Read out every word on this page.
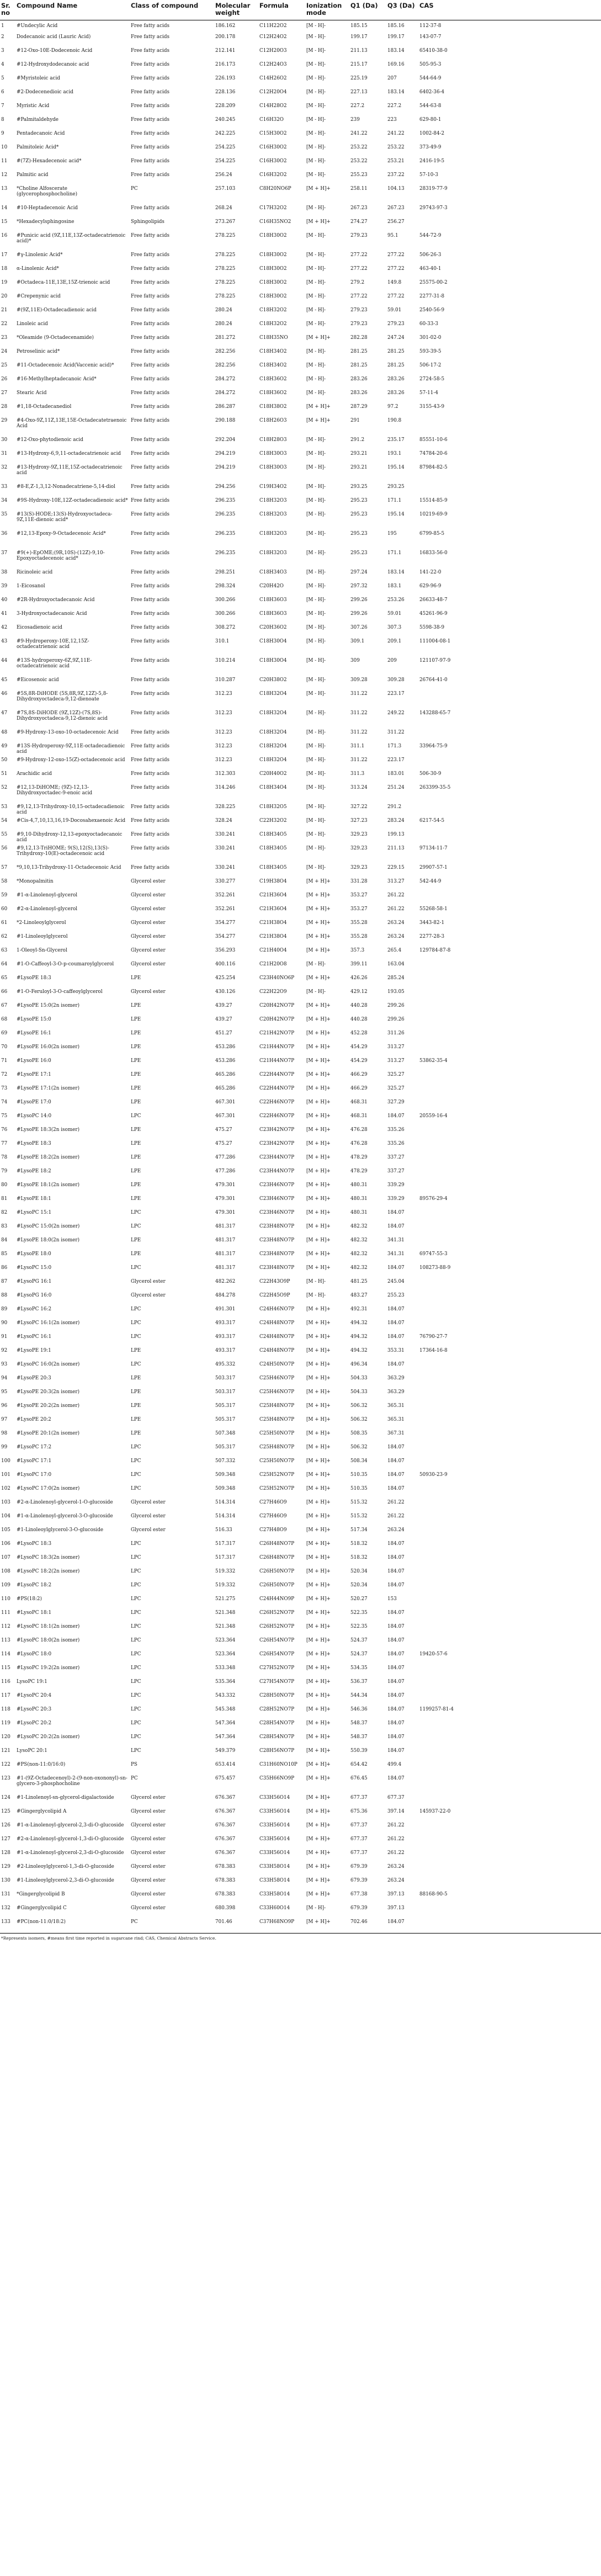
Sr. no	Compound Name	Class of compound	Molecular weight	Formula	Ionization mode	Q1 (Da)	Q3 (Da)	CAS
1	#Undecylic Acid	Free fatty acids	186.162	C11H22O2	[M - H]-	185.15	185.16	112-37-8
2	Dodecanoic acid (Lauric Acid)	Free fatty acids	200.178	C12H24O2	[M - H]-	199.17	199.17	143-07-7
3	#12-Oxo-10E-Dodecenoic Acid	Free fatty acids	212.141	C12H20O3	[M - H]-	211.13	183.14	65410-38-0
4	#12-Hydroxydodecanoic acid	Free fatty acids	216.173	C12H24O3	[M - H]-	215.17	169.16	505-95-3
5	#Myristoleic acid	Free fatty acids	226.193	C14H26O2	[M - H]-	225.19	207	544-64-9
6	#2-Dodecenedioic acid	Free fatty acids	228.136	C12H20O4	[M - H]-	227.13	183.14	6402-36-4
7	Myristic Acid	Free fatty acids	228.209	C14H28O2	[M - H]-	227.2	227.2	544-63-8
8	#Palmitaldehyde	Free fatty acids	240.245	C16H32O	[M - H]-	239	223	629-80-1
9	Pentadecanoic Acid	Free fatty acids	242.225	C15H30O2	[M - H]-	241.22	241.22	1002-84-2
10	Palmitoleic Acid*	Free fatty acids	254.225	C16H30O2	[M - H]-	253.22	253.22	373-49-9
11	#(7Z)-Hexadecenoic acid*	Free fatty acids	254.225	C16H30O2	[M - H]-	253.22	253.21	2416-19-5
12	Palmitic acid	Free fatty acids	256.24	C16H32O2	[M - H]-	255.23	237.22	57-10-3
13	*Choline Alfoscerate (glycerophosphocholine)	PC	257.103	C8H20NO6P	[M + H]+	258.11	104.13	28319-77-9
14	#10-Heptadecenoic Acid	Free fatty acids	268.24	C17H32O2	[M - H]-	267.23	267.23	29743-97-3
15	*Hexadecylsphingosine	Sphingolipids	273.267	C16H35NO2	[M + H]+	274.27	256.27	
16	#Punicic acid (9Z,11E,13Z-octadecatrienoic acid)*	Free fatty acids	278.225	C18H30O2	[M - H]-	279.23	95.1	544-72-9
17	#γ-Linolenic Acid*	Free fatty acids	278.225	C18H30O2	[M - H]-	277.22	277.22	506-26-3
18	α-Linolenic Acid*	Free fatty acids	278.225	C18H30O2	[M - H]-	277.22	277.22	463-40-1
19	#Octadeca-11E,13E,15Z-trienoic acid	Free fatty acids	278.225	C18H30O2	[M - H]-	279.2	149.8	25575-00-2
20	#Crepenynic acid	Free fatty acids	278.225	C18H30O2	[M - H]-	277.22	277.22	2277-31-8
21	#(9Z,11E)-Octadecadienoic acid	Free fatty acids	280.24	C18H32O2	[M - H]-	279.23	59.01	2540-56-9
22	Linoleic acid	Free fatty acids	280.24	C18H32O2	[M - H]-	279.23	279.23	60-33-3
23	*Oleamide (9-Octadecenamide)	Free fatty acids	281.272	C18H35NO	[M + H]+	282.28	247.24	301-02-0
24	Petroselinic acid*	Free fatty acids	282.256	C18H34O2	[M - H]-	281.25	281.25	593-39-5
25	#11-Octadecenoic Acid(Vaccenic acid)*	Free fatty acids	282.256	C18H34O2	[M - H]-	281.25	281.25	506-17-2
26	#16-Methylheptadecanoic Acid*	Free fatty acids	284.272	C18H36O2	[M - H]-	283.26	283.26	2724-58-5
27	Stearic Acid	Free fatty acids	284.272	C18H36O2	[M - H]-	283.26	283.26	57-11-4
28	#1,18-Octadecanediol	Free fatty acids	286.287	C18H38O2	[M + H]+	287.29	97.2	3155-43-9
29	#4-Oxo-9Z,11Z,13E,15E-Octadecatetraenoic Acid	Free fatty acids	290.188	C18H26O3	[M + H]+	291	190.8	
30	#12-Oxo-phytodienoic acid	Free fatty acids	292.204	C18H28O3	[M - H]-	291.2	235.17	85551-10-6
31	#13-Hydroxy-6,9,11-octadecatrienoic acid	Free fatty acids	294.219	C18H30O3	[M - H]-	293.21	193.1	74784-20-6
32	#13-Hydroxy-9Z,11E,15Z-octadecatrienoic acid	Free fatty acids	294.219	C18H30O3	[M - H]-	293.21	195.14	87984-82-5
33	#8-E,Z-1,3,12-Nonadecatriene-5,14-diol	Free fatty acids	294.256	C19H34O2	[M - H]-	293.25	293.25	
34	#9S-Hydroxy-10E,12Z-octadecadienoic acid*	Free fatty acids	296.235	C18H32O3	[M - H]-	295.23	171.1	15514-85-9
35	#13(S)-HODE;13(S)-Hydroxyoctadeca-9Z,11E-dienoic acid*	Free fatty acids	296.235	C18H32O3	[M - H]-	295.23	195.14	10219-69-9
36	#12,13-Epoxy-9-Octadecenoic Acid*	Free fatty acids	296.235	C18H32O3	[M - H]-	295.23	195	6799-85-5
37	#9(+)-EpOME;(9R,10S)-(12Z)-9,10-Epoxyoctadecenoic acid*	Free fatty acids	296.235	C18H32O3	[M - H]-	295.23	171.1	16833-56-0
38	Ricinoleic acid	Free fatty acids	298.251	C18H34O3	[M - H]-	297.24	183.14	141-22-0
39	1-Eicosanol	Free fatty acids	298.324	C20H42O	[M - H]-	297.32	183.1	629-96-9
40	#2R-Hydroxyoctadecanoic Acid	Free fatty acids	300.266	C18H36O3	[M - H]-	299.26	253.26	26633-48-7
41	3-Hydroxyoctadecanoic Acid	Free fatty acids	300.266	C18H36O3	[M - H]-	299.26	59.01	45261-96-9
42	Eicosadienoic acid	Free fatty acids	308.272	C20H36O2	[M - H]-	307.26	307.3	5598-38-9
43	#9-Hydroperoxy-10E,12,15Z-octadecatrienoic acid	Free fatty acids	310.1	C18H30O4	[M - H]-	309.1	209.1	111004-08-1
44	#13S-hydroperoxy-6Z,9Z,11E-octadecatrienoic acid	Free fatty acids	310.214	C18H30O4	[M - H]-	309	209	121107-97-9
45	#Eicosenoic acid	Free fatty acids	310.287	C20H38O2	[M - H]-	309.28	309.28	26764-41-0
46	#5S,8R-DiHODE (5S,8R,9Z,12Z)-5,8-Dihydroxyoctadeca-9,12-dienoate	Free fatty acids	312.23	C18H32O4	[M - H]-	311.22	223.17	
47	#7S,8S-DiHODE (9Z,12Z)-(7S,8S)-Dihydroxyoctadeca-9,12-dienoic acid	Free fatty acids	312.23	C18H32O4	[M - H]-	311.22	249.22	143288-65-7
48	#9-Hydroxy-13-oxo-10-octadecenoic Acid	Free fatty acids	312.23	C18H32O4	[M - H]-	311.22	311.22	
49	#13S-Hydroperoxy-9Z,11E-octadecadienoic acid	Free fatty acids	312.23	C18H32O4	[M - H]-	311.1	171.3	33964-75-9
50	#9-Hydroxy-12-oxo-15(Z)-octadecenoic acid	Free fatty acids	312.23	C18H32O4	[M - H]-	311.22	223.17	
51	Arachidic acid	Free fatty acids	312.303	C20H40O2	[M - H]-	311.3	183.01	506-30-9
52	#12,13-DiHOME; (9Z)-12,13-Dihydroxyoctadec-9-enoic acid	Free fatty acids	314.246	C18H34O4	[M - H]-	313.24	251.24	263399-35-5
53	#9,12,13-Trihydroxy-10,15-octadecadienoic acid	Free fatty acids	328.225	C18H32O5	[M - H]-	327.22	291.2	
54	#Cis-4,7,10,13,16,19-Docosahexaenoic Acid	Free fatty acids	328.24	C22H32O2	[M - H]-	327.23	283.24	6217-54-5
55	#9,10-Dihydroxy-12,13-epoxyoctadecanoic acid	Free fatty acids	330.241	C18H34O5	[M - H]-	329.23	199.13	
56	#9,12,13-TriHOME; 9(S),12(S),13(S)-Trihydroxy-10(E)-octadecenoic acid	Free fatty acids	330.241	C18H34O5	[M - H]-	329.23	211.13	97134-11-7
57	*9,10,13-Trihydroxy-11-Octadecenoic Acid	Free fatty acids	330.241	C18H34O5	[M - H]-	329.23	229.15	29907-57-1
58	*Monopalmitin	Glycerol ester	330.277	C19H38O4	[M + H]+	331.28	313.27	542-44-9
59	#1-α-Linolenoyl-glycerol	Glycerol ester	352.261	C21H36O4	[M + H]+	353.27	261.22	
60	#2-α-Linolenoyl-glycerol	Glycerol ester	352.261	C21H36O4	[M + H]+	353.27	261.22	55268-58-1
61	*2-Linoleoylglycerol	Glycerol ester	354.277	C21H38O4	[M + H]+	355.28	263.24	3443-82-1
62	#1-Linoleoylglycerol	Glycerol ester	354.277	C21H38O4	[M + H]+	355.28	263.24	2277-28-3
63	1-Oleoyl-Sn-Glycerol	Glycerol ester	356.293	C21H40O4	[M + H]+	357.3	265.4	129784-87-8
64	#1-O-Caffeoyl-3-O-p-coumaroylglycerol	Glycerol ester	400.116	C21H20O8	[M - H]-	399.11	163.04	
65	#LysoPE 18:3	LPE	425.254	C23H40NO6P	[M + H]+	426.26	285.24	
66	#1-O-Feruloyl-3-O-caffeoylglycerol	Glycerol ester	430.126	C22H22O9	[M - H]-	429.12	193.05	
67	#LysoPE 15:0(2n isomer)	LPE	439.27	C20H42NO7P	[M + H]+	440.28	299.26	
68	#LysoPE 15:0	LPE	439.27	C20H42NO7P	[M + H]+	440.28	299.26	
69	#LysoPE 16:1	LPE	451.27	C21H42NO7P	[M + H]+	452.28	311.26	
70	#LysoPE 16:0(2n isomer)	LPE	453.286	C21H44NO7P	[M + H]+	454.29	313.27	
71	#LysoPE 16:0	LPE	453.286	C21H44NO7P	[M + H]+	454.29	313.27	53862-35-4
72	#LysoPE 17:1	LPE	465.286	C22H44NO7P	[M + H]+	466.29	325.27	
73	#LysoPE 17:1(2n isomer)	LPE	465.286	C22H44NO7P	[M + H]+	466.29	325.27	
74	#LysoPE 17:0	LPE	467.301	C22H46NO7P	[M + H]+	468.31	327.29	
75	#LysoPC 14:0	LPC	467.301	C22H46NO7P	[M + H]+	468.31	184.07	20559-16-4
76	#LysoPE 18:3(2n isomer)	LPE	475.27	C23H42NO7P	[M + H]+	476.28	335.26	
77	#LysoPE 18:3	LPE	475.27	C23H42NO7P	[M + H]+	476.28	335.26	
78	#LysoPE 18:2(2n isomer)	LPE	477.286	C23H44NO7P	[M + H]+	478.29	337.27	
79	#LysoPE 18:2	LPE	477.286	C23H44NO7P	[M + H]+	478.29	337.27	
80	#LysoPE 18:1(2n isomer)	LPE	479.301	C23H46NO7P	[M + H]+	480.31	339.29	
81	#LysoPE 18:1	LPE	479.301	C23H46NO7P	[M + H]+	480.31	339.29	89576-29-4
82	#LysoPC 15:1	LPC	479.301	C23H46NO7P	[M + H]+	480.31	184.07	
83	#LysoPC 15:0(2n isomer)	LPC	481.317	C23H48NO7P	[M + H]+	482.32	184.07	
84	#LysoPE 18:0(2n isomer)	LPE	481.317	C23H48NO7P	[M + H]+	482.32	341.31	
85	#LysoPE 18:0	LPE	481.317	C23H48NO7P	[M + H]+	482.32	341.31	69747-55-3
86	#LysoPC 15:0	LPC	481.317	C23H48NO7P	[M + H]+	482.32	184.07	108273-88-9
87	#LysoPG 16:1	Glycerol ester	482.262	C22H43O9P	[M - H]-	481.25	245.04	
88	#LysoPG 16:0	Glycerol ester	484.278	C22H45O9P	[M - H]-	483.27	255.23	
89	#LysoPC 16:2	LPC	491.301	C24H46NO7P	[M + H]+	492.31	184.07	
90	#LysoPC 16:1(2n isomer)	LPC	493.317	C24H48NO7P	[M + H]+	494.32	184.07	
91	#LysoPC 16:1	LPC	493.317	C24H48NO7P	[M + H]+	494.32	184.07	76790-27-7
92	#LysoPE 19:1	LPE	493.317	C24H48NO7P	[M + H]+	494.32	353.31	17364-16-8
93	#LysoPC 16:0(2n isomer)	LPC	495.332	C24H50NO7P	[M + H]+	496.34	184.07	
94	#LysoPE 20:3	LPE	503.317	C25H46NO7P	[M + H]+	504.33	363.29	
95	#LysoPE 20:3(2n isomer)	LPE	503.317	C25H46NO7P	[M + H]+	504.33	363.29	
96	#LysoPE 20:2(2n isomer)	LPE	505.317	C25H48NO7P	[M + H]+	506.32	365.31	
97	#LysoPE 20:2	LPE	505.317	C25H48NO7P	[M + H]+	506.32	365.31	
98	#LysoPE 20:1(2n isomer)	LPE	507.348	C25H50NO7P	[M + H]+	508.35	367.31	
99	#LysoPC 17:2	LPC	505.317	C25H48NO7P	[M + H]+	506.32	184.07	
100	#LysoPC 17:1	LPC	507.332	C25H50NO7P	[M + H]+	508.34	184.07	
101	#LysoPC 17:0	LPC	509.348	C25H52NO7P	[M + H]+	510.35	184.07	50930-23-9
102	#LysoPC 17:0(2n isomer)	LPC	509.348	C25H52NO7P	[M + H]+	510.35	184.07	
103	#2-α-Linolenoyl-glycerol-1-O-glucoside	Glycerol ester	514.314	C27H46O9	[M + H]+	515.32	261.22	
104	#1-α-Linolenoyl-glycerol-3-O-glucoside	Glycerol ester	514.314	C27H46O9	[M + H]+	515.32	261.22	
105	#1-Linoleoylglycerol-3-O-glucoside	Glycerol ester	516.33	C27H48O9	[M + H]+	517.34	263.24	
106	#LysoPC 18:3	LPC	517.317	C26H48NO7P	[M + H]+	518.32	184.07	
107	#LysoPC 18:3(2n isomer)	LPC	517.317	C26H48NO7P	[M + H]+	518.32	184.07	
108	#LysoPC 18:2(2n isomer)	LPC	519.332	C26H50NO7P	[M + H]+	520.34	184.07	
109	#LysoPC 18:2	LPC	519.332	C26H50NO7P	[M + H]+	520.34	184.07	
110	#PS(18:2)	LPC	521.275	C24H44NO9P	[M + H]+	520.27	153	
111	#LysoPC 18:1	LPC	521.348	C26H52NO7P	[M + H]+	522.35	184.07	
112	#LysoPC 18:1(2n isomer)	LPC	521.348	C26H52NO7P	[M + H]+	522.35	184.07	
113	#LysoPC 18:0(2n isomer)	LPC	523.364	C26H54NO7P	[M + H]+	524.37	184.07	
114	#LysoPC 18:0	LPC	523.364	C26H54NO7P	[M + H]+	524.37	184.07	19420-57-6
115	#LysoPC 19:2(2n isomer)	LPC	533.348	C27H52NO7P	[M + H]+	534.35	184.07	
116	LysoPC 19:1	LPC	535.364	C27H54NO7P	[M + H]+	536.37	184.07	
117	#LysoPC 20:4	LPC	543.332	C28H50NO7P	[M + H]+	544.34	184.07	
118	#LysoPC 20:3	LPC	545.348	C28H52NO7P	[M + H]+	546.36	184.07	1199257-81-4
119	#LysoPC 20:2	LPC	547.364	C28H54NO7P	[M + H]+	548.37	184.07	
120	#LysoPC 20:2(2n isomer)	LPC	547.364	C28H54NO7P	[M + H]+	548.37	184.07	
121	LysoPC 20:1	LPC	549.379	C28H56NO7P	[M + H]+	550.39	184.07	
122	#PS(non-11:0/16:0)	PS	653.414	C31H60NO10P	[M + H]+	654.42	499.4	
123	#1-(9Z-Octadecenoyl)-2-(9-non-oxononyl)-sn-glycero-3-phosphocholine	PC	675.457	C35H66NO9P	[M + H]+	676.45	184.07	
124	#1-Linolenoyl-sn-glycerol-digalactoside	Glycerol ester	676.367	C33H56O14	[M + H]+	677.37	677.37	
125	#Gingerglycolipid A	Glycerol ester	676.367	C33H56O14	[M + H]+	675.36	397.14	145937-22-0
126	#1-α-Linolenoyl-glycerol-2,3-di-O-glucoside	Glycerol ester	676.367	C33H56O14	[M + H]+	677.37	261.22	
127	#2-α-Linolenoyl-glycerol-1,3-di-O-glucoside	Glycerol ester	676.367	C33H56O14	[M + H]+	677.37	261.22	
128	#1-α-Linolenoyl-glycerol-2,3-di-O-glucoside	Glycerol ester	676.367	C33H56O14	[M + H]+	677.37	261.22	
129	#2-Linoleoylglycerol-1,3-di-O-glucoside	Glycerol ester	678.383	C33H58O14	[M + H]+	679.39	263.24	
130	#1-Linoleoylglycerol-2,3-di-O-glucoside	Glycerol ester	678.383	C33H58O14	[M + H]+	679.39	263.24	
131	*Gingerglycolipid B	Glycerol ester	678.383	C33H58O14	[M + H]+	677.38	397.13	88168-90-5
132	#Gingerglycolipid C	Glycerol ester	680.398	C33H60O14	[M - H]-	679.39	397.13	
133	#PC(non-11:0/18:2)	PC	701.46	C37H68NO9P	[M + H]+	702.46	184.07	
*Represents isomers, #means first time reported in sugarcane rind; CAS, Chemical Abstracts Service.
